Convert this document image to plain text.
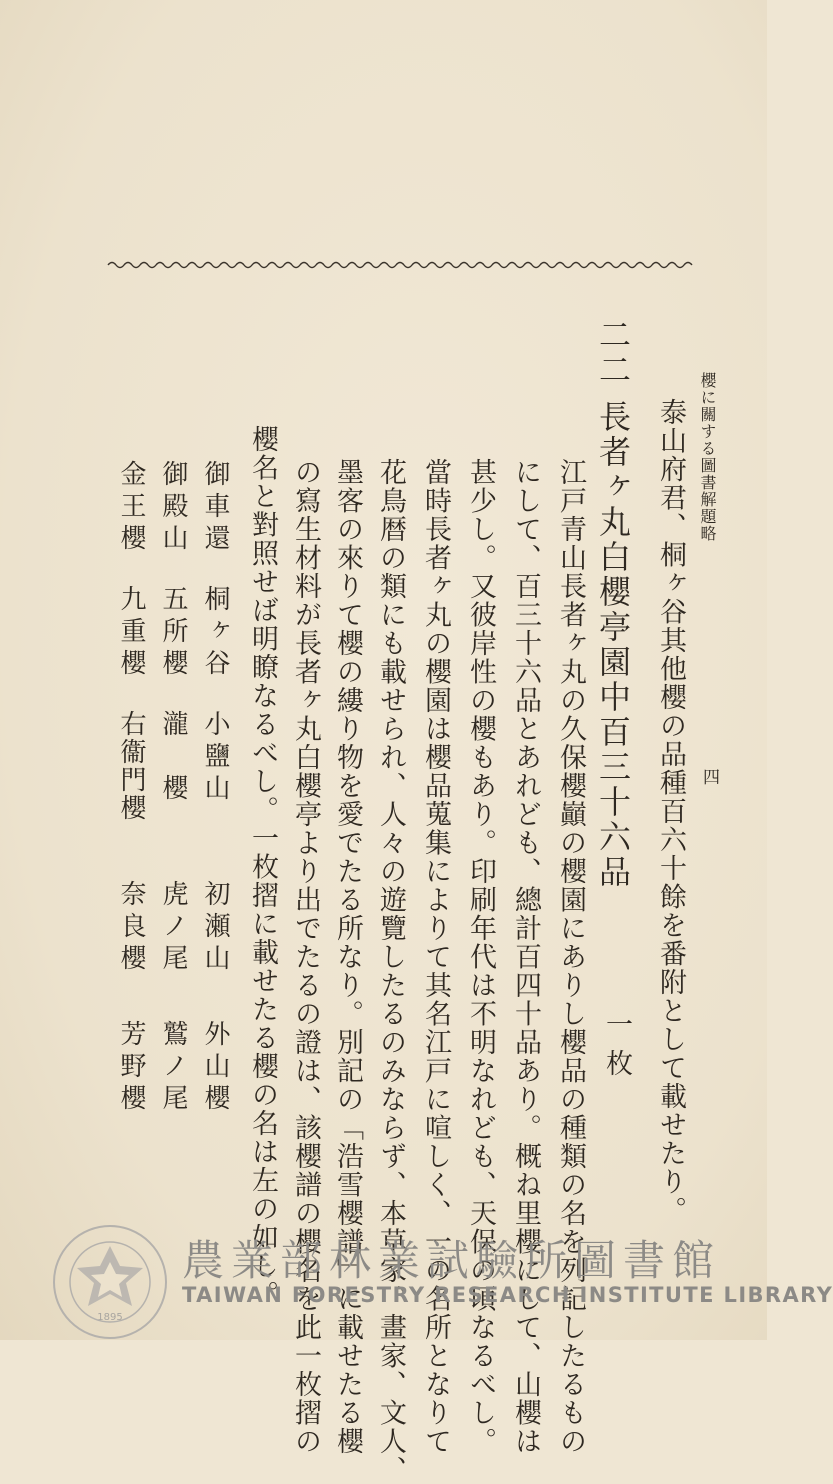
櫻に關する圖書解題略
四
泰山府君、桐ヶ谷其他櫻の品種百六十餘を番附として載せたり。
二二
長者ヶ丸白櫻亭園中百三十六品
一枚
江戸青山長者ヶ丸の久保櫻巓の櫻園にありし櫻品の種類の名を列記したるもの
にして、百三十六品とあれども、總計百四十品あり。概ね里櫻にして、山櫻は
甚少し。又彼岸性の櫻もあり。印刷年代は不明なれども、天保の頃なるべし。
當時長者ヶ丸の櫻園は櫻品蒐集によりて其名江戸に喧しく、一の名所となりて
花鳥暦の類にも載せられ、人々の遊覽したるのみならず、本草家、畫家、文人、
墨客の來りて櫻の縷り物を愛でたる所なり。別記の「浩雪櫻譜」に載せたる櫻
の寫生材料が長者ヶ丸白櫻亭より出でたるの證は、該櫻譜の櫻名を此一枚摺の
櫻名と對照せば明瞭なるべし。一枚摺に載せたる櫻の名は左の如し。
御車還
桐ヶ谷
小鹽山
初瀬山
外山櫻
御殿山
五所櫻
瀧　櫻
虎ノ尾
鷲ノ尾
金王櫻
九重櫻
右衞門櫻
奈良櫻
芳野櫻
1895
農業部林業試驗所圖書館
TAIWAN FORESTRY RESEARCH INSTITUTE LIBRARY
